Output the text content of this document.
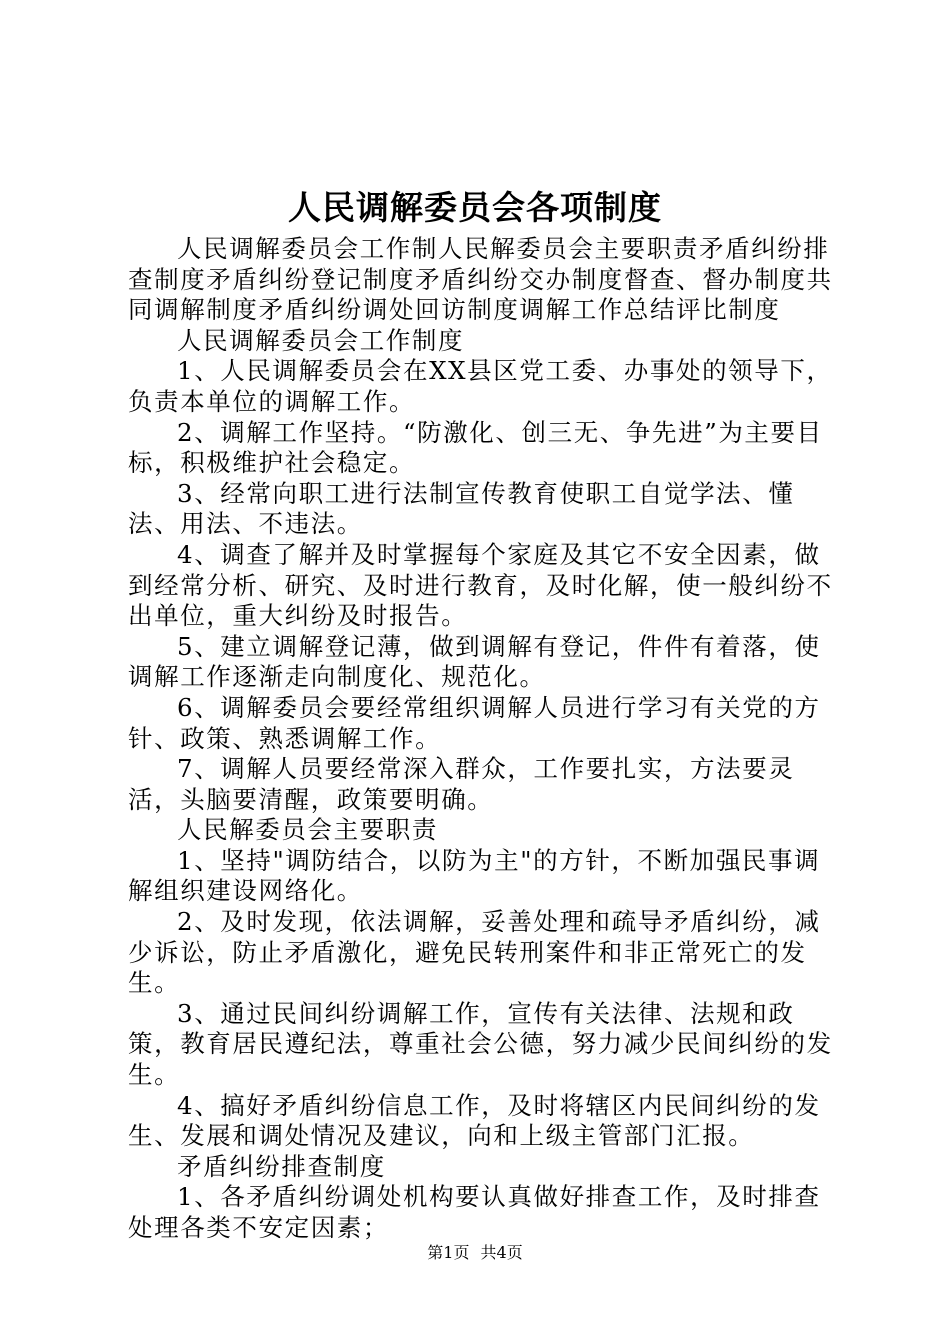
人民调解委员会各项制度

人民调解委员会工作制人民解委员会主要职责矛盾纠纷排查制度矛盾纠纷登记制度矛盾纠纷交办制度督查、督办制度共同调解制度矛盾纠纷调处回访制度调解工作总结评比制度

人民调解委员会工作制度

1、人民调解委员会在XX县区党工委、办事处的领导下，负责本单位的调解工作。

2、调解工作坚持。“防激化、创三无、争先进”为主要目标，积极维护社会稳定。

3、经常向职工进行法制宣传教育使职工自觉学法、懂法、用法、不违法。

4、调查了解并及时掌握每个家庭及其它不安全因素，做到经常分析、研究、及时进行教育，及时化解，使一般纠纷不出单位，重大纠纷及时报告。

5、建立调解登记薄，做到调解有登记，件件有着落，使调解工作逐渐走向制度化、规范化。

6、调解委员会要经常组织调解人员进行学习有关党的方针、政策、熟悉调解工作。

7、调解人员要经常深入群众，工作要扎实，方法要灵活，头脑要清醒，政策要明确。

人民解委员会主要职责

1、坚持"调防结合，以防为主"的方针，不断加强民事调解组织建设网络化。

2、及时发现，依法调解，妥善处理和疏导矛盾纠纷，减少诉讼，防止矛盾激化，避免民转刑案件和非正常死亡的发生。

3、通过民间纠纷调解工作，宣传有关法律、法规和政策，教育居民遵纪法，尊重社会公德，努力减少民间纠纷的发生。

4、搞好矛盾纠纷信息工作，及时将辖区内民间纠纷的发生、发展和调处情况及建议，向和上级主管部门汇报。

矛盾纠纷排查制度

1、各矛盾纠纷调处机构要认真做好排查工作，及时排查处理各类不安定因素；

第1页 共4页
